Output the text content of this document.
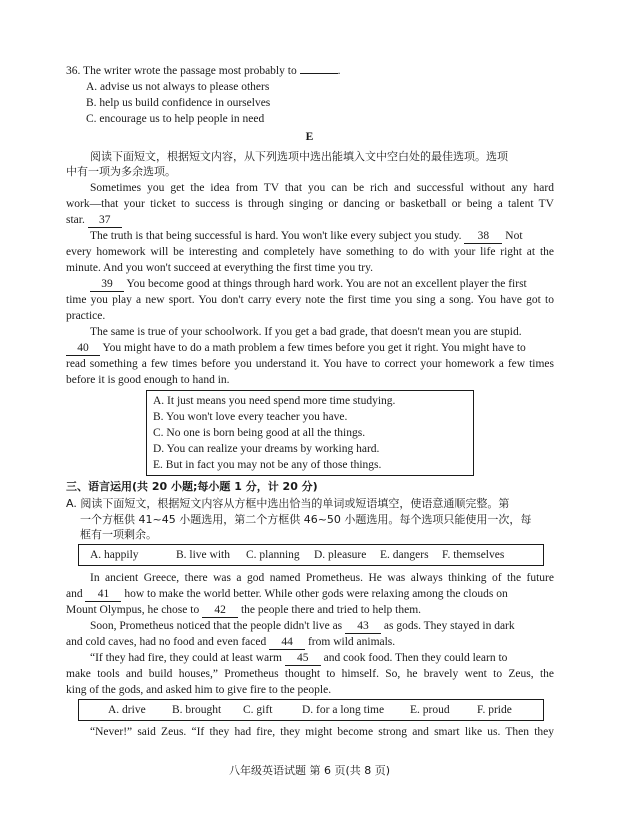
36. The writer wrote the passage most probably to	.
A. advise us not always to please others
B. help us build confidence in ourselves
C. encourage us to help people in need
E
阅读下面短文，根据短文内容，从下列选项中选出能填入文中空白处的最佳选项。选项
中有一项为多余选项。
Sometimes you get the idea from TV that you can be rich and successful without any hard
work—that your ticket to success is through singing or dancing or basketball or being a talent TV
star. 37
The truth is that being successful is hard. You won't like every subject you study. 38 Not
every homework will be interesting and completely have something to do with your life right at the
minute. And you won't succeed at everything the first time you try.
39 You become good at things through hard work. You are not an excellent player the first
time you play a new sport. You don't carry every note the first time you sing a song. You have got to
practice.
The same is true of your schoolwork. If you get a bad grade, that doesn't mean you are stupid.
40 You might have to do a math problem a few times before you get it right. You might have to
read something a few times before you understand it. You have to correct your homework a few times
before it is good enough to hand in.
A. It just means you need spend more time studying.
B. You won't love every teacher you have.
C. No one is born being good at all the things.
D. You can realize your dreams by working hard.
E. But in fact you may not be any of those things.
三、语言运用(共 20 小题;每小题 1 分，计 20 分)
A. 阅读下面短文，根据短文内容从方框中选出恰当的单词或短语填空，使语意通顺完整。第
一个方框供 41~45 小题选用，第二个方框供 46~50 小题选用。每个选项只能使用一次，每
框有一项剩余。
A. happily	B. live with C. planning D. pleasure E. dangers F. themselves
In ancient Greece, there was a god named Prometheus. He was always thinking of the future
and 41 how to make the world better. While other gods were relaxing among the clouds on
Mount Olympus, he chose to 42 the people there and tried to help them.
Soon, Prometheus noticed that the people didn't live as 43 as gods. They stayed in dark
and cold caves, had no food and even faced 44 from wild animals.
“If they had fire, they could at least warm 45 and cook food. Then they could learn to
make tools and build houses,” Prometheus thought to himself. So, he bravely went to Zeus, the
king of the gods, and asked him to give fire to the people.
A. drive B. brought C. gift	D. for a long time E. proud F. pride
“Never!” said Zeus. “If they had fire, they might become strong and smart like us. Then they
八年级英语试题 第 6 页(共 8 页)
